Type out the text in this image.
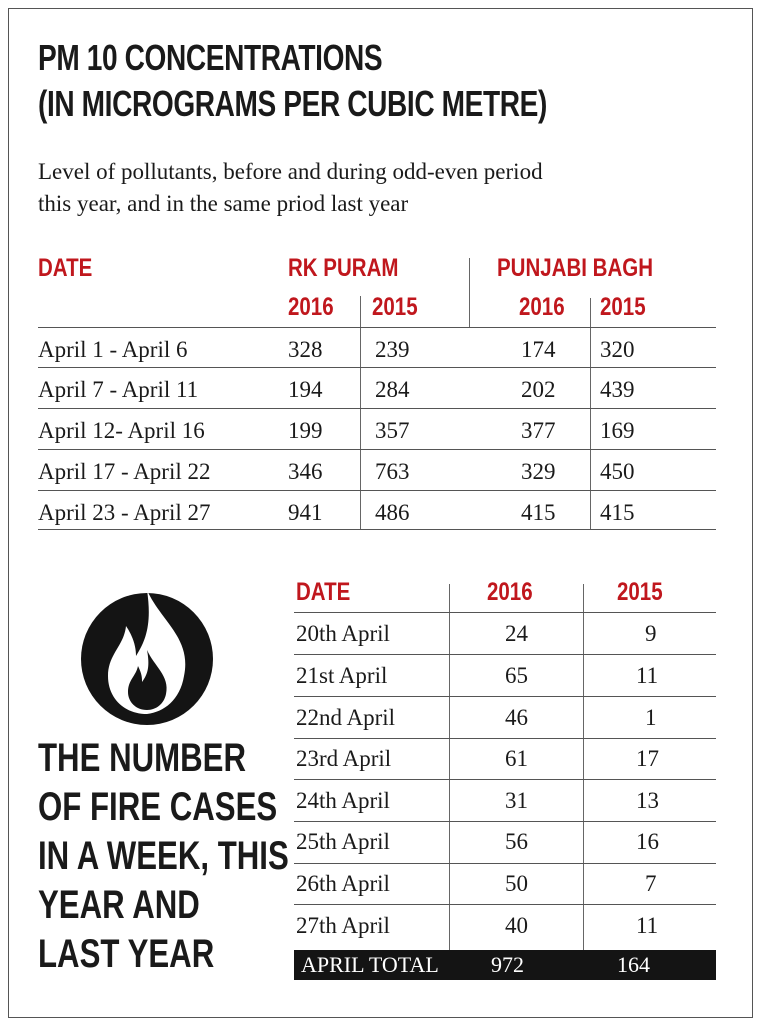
PM 10 CONCENTRATIONS
(IN MICROGRAMS PER CUBIC METRE)
Level of pollutants, before and during odd-even period
this year, and in the same priod last year
DATE	RK PURAM	PUNJABI BAGH
2016 2015	2016 2015
April 1 - April 6	328 239	174 320
April 7 - April 11	194 284	202 439
April 12- April 16	199 357	377 169
April 17 - April 22	346 763	329 450
April 23 - April 27	941 486	415 415
THE NUMBER
OF FIRE CASES
IN A WEEK, THIS
YEAR AND
LAST YEAR
DATE	2016	2015
20th April	24	9
21st April	65	11
22nd April	46	1
23rd April	61	17
24th April	31	13
25th April	56	16
26th April	50	7
27th April	40	11
APRIL TOTAL 972	164
